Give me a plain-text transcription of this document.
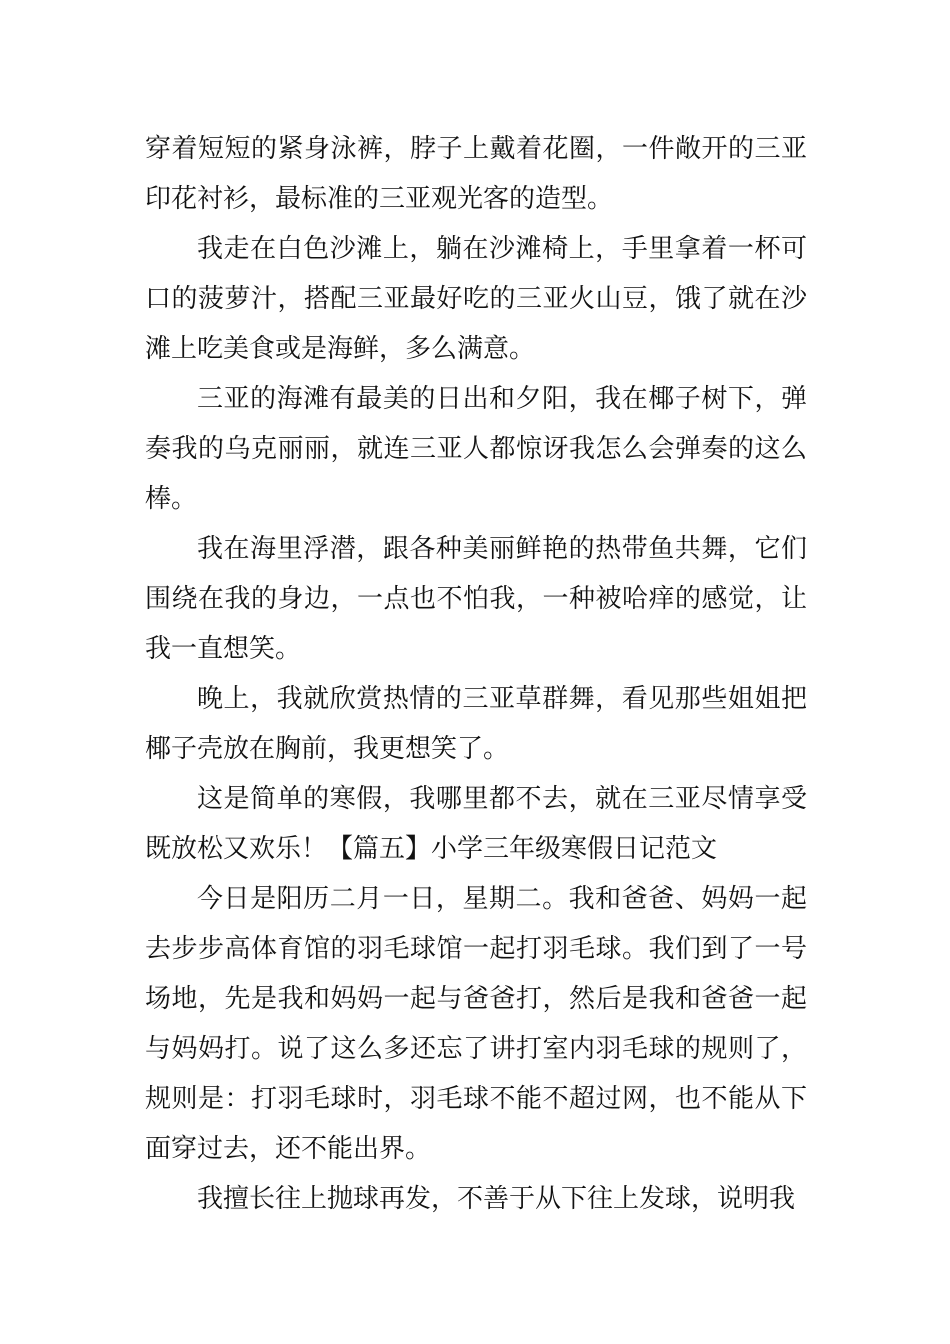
穿着短短的紧身泳裤，脖子上戴着花圈，一件敞开的三亚印花衬衫，最标准的三亚观光客的造型。

我走在白色沙滩上，躺在沙滩椅上，手里拿着一杯可口的菠萝汁，搭配三亚最好吃的三亚火山豆，饿了就在沙滩上吃美食或是海鲜，多么满意。

三亚的海滩有最美的日出和夕阳，我在椰子树下，弹奏我的乌克丽丽，就连三亚人都惊讶我怎么会弹奏的这么棒。

我在海里浮潜，跟各种美丽鲜艳的热带鱼共舞，它们围绕在我的身边，一点也不怕我，一种被哈痒的感觉，让我一直想笑。

晚上，我就欣赏热情的三亚草群舞，看见那些姐姐把椰子壳放在胸前，我更想笑了。

这是简单的寒假，我哪里都不去，就在三亚尽情享受既放松又欢乐！【篇五】小学三年级寒假日记范文

今日是阳历二月一日，星期二。我和爸爸、妈妈一起去步步高体育馆的羽毛球馆一起打羽毛球。我们到了一号场地，先是我和妈妈一起与爸爸打，然后是我和爸爸一起与妈妈打。说了这么多还忘了讲打室内羽毛球的规则了，规则是：打羽毛球时，羽毛球不能不超过网，也不能从下面穿过去，还不能出界。

我擅长往上抛球再发，不善于从下往上发球，说明我
